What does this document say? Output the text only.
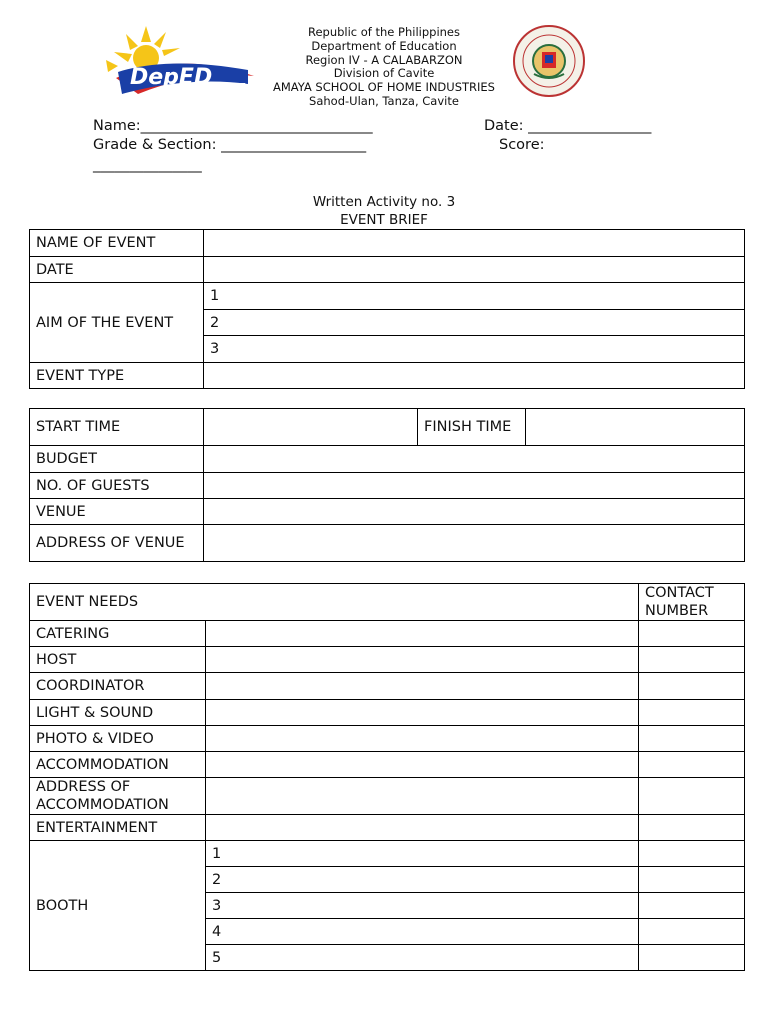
DepED
CAVITE
Republic of the Philippines
Department of Education
Region IV - A CALABARZON
Division of Cavite
AMAYA SCHOOL OF HOME INDUSTRIES
Sahod-Ulan, Tanza, Cavite
Name:________________________________	Date: _________________
Grade & Section: ____________________	Score:
_______________
Written Activity no. 3
EVENT BRIEF
NAME OF EVENT	
DATE	
AIM OF THE EVENT	1
	2
	3
EVENT TYPE	
START TIME		FINISH TIME	
BUDGET			
NO. OF GUESTS			
VENUE			
ADDRESS OF VENUE			
EVENT NEEDS		CONTACT NUMBER
CATERING		
HOST		
COORDINATOR		
LIGHT & SOUND		
PHOTO & VIDEO		
ACCOMMODATION		
ADDRESS OF ACCOMMODATION		
ENTERTAINMENT		
BOOTH	1	
	2	
	3	
	4	
	5	
